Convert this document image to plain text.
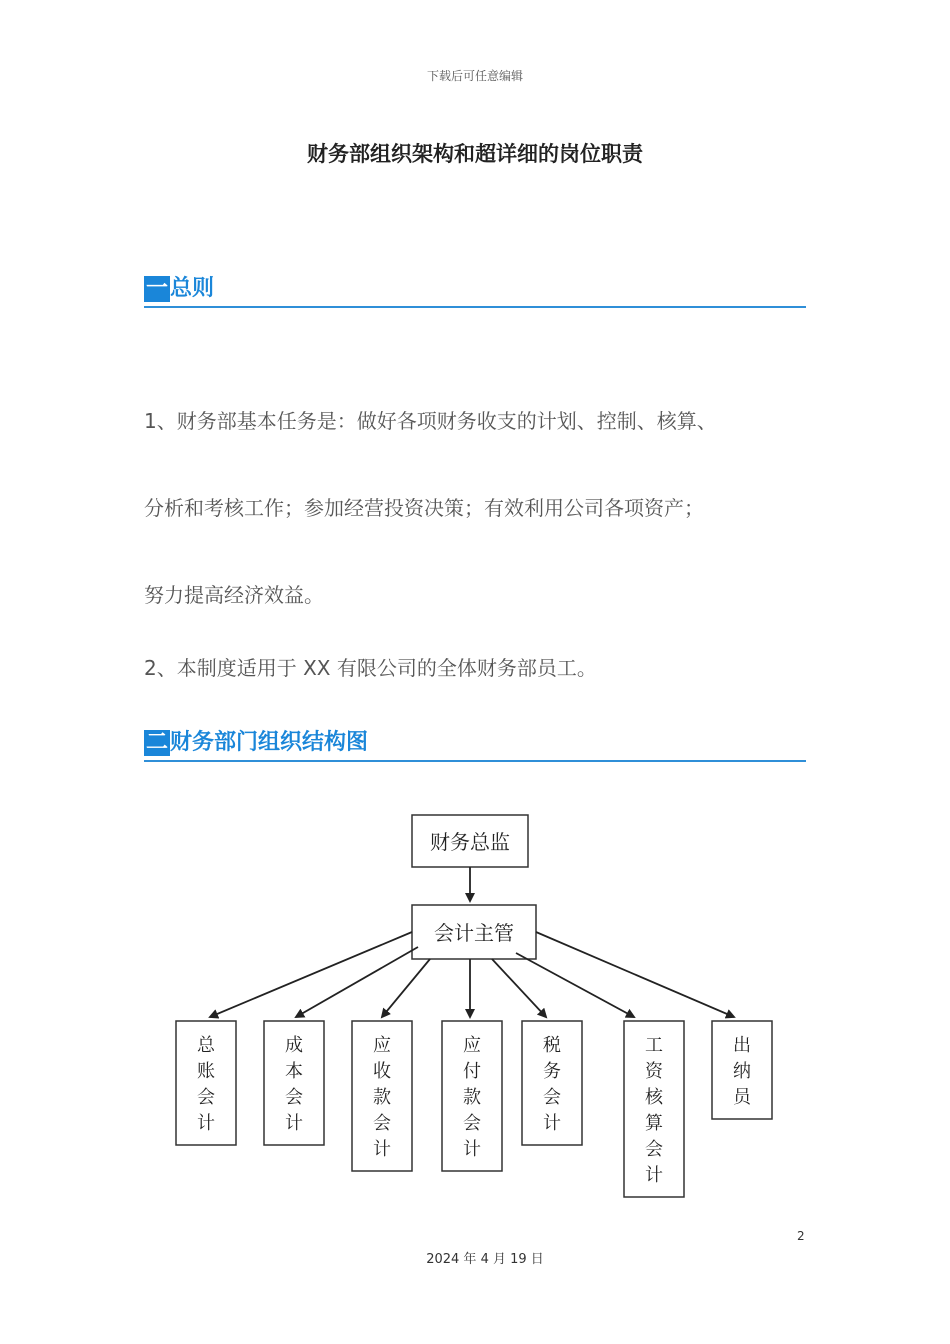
下载后可任意编辑
财务部组织架构和超详细的岗位职责
一总则
1、财务部基本任务是：做好各项财务收支的计划、控制、核算、
分析和考核工作；参加经营投资决策；有效利用公司各项资产；
努力提高经济效益。
2、本制度适用于 XX 有限公司的全体财务部员工。
二财务部门组织结构图
财务总监
会计主管
总账会计
成本会计
应收款会计
应付款会计
税务会计
工资核算会计
出纳员
2
2024 年 4 月 19 日
